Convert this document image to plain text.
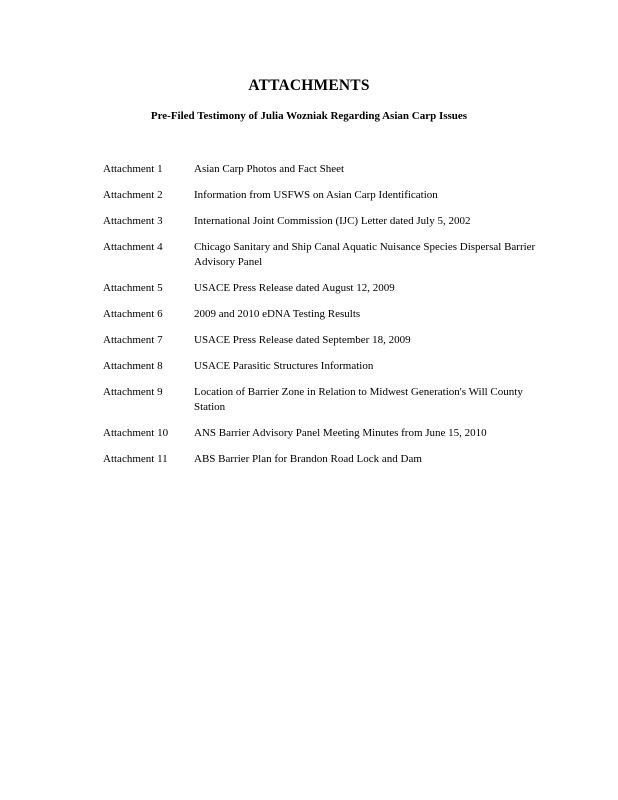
ATTACHMENTS
Pre-Filed Testimony of Julia Wozniak Regarding Asian Carp Issues
Attachment 1	Asian Carp Photos and Fact Sheet
Attachment 2	Information from USFWS on Asian Carp Identification
Attachment 3	International Joint Commission (IJC) Letter dated July 5, 2002
Attachment 4	Chicago Sanitary and Ship Canal Aquatic Nuisance Species Dispersal Barrier Advisory Panel
Attachment 5	USACE Press Release dated August 12, 2009
Attachment 6	2009 and 2010 eDNA Testing Results
Attachment 7	USACE Press Release dated September 18, 2009
Attachment 8	USACE Parasitic Structures Information
Attachment 9	Location of Barrier Zone in Relation to Midwest Generation's Will County Station
Attachment 10	ANS Barrier Advisory Panel Meeting Minutes from June 15, 2010
Attachment 11	ABS Barrier Plan for Brandon Road Lock and Dam
